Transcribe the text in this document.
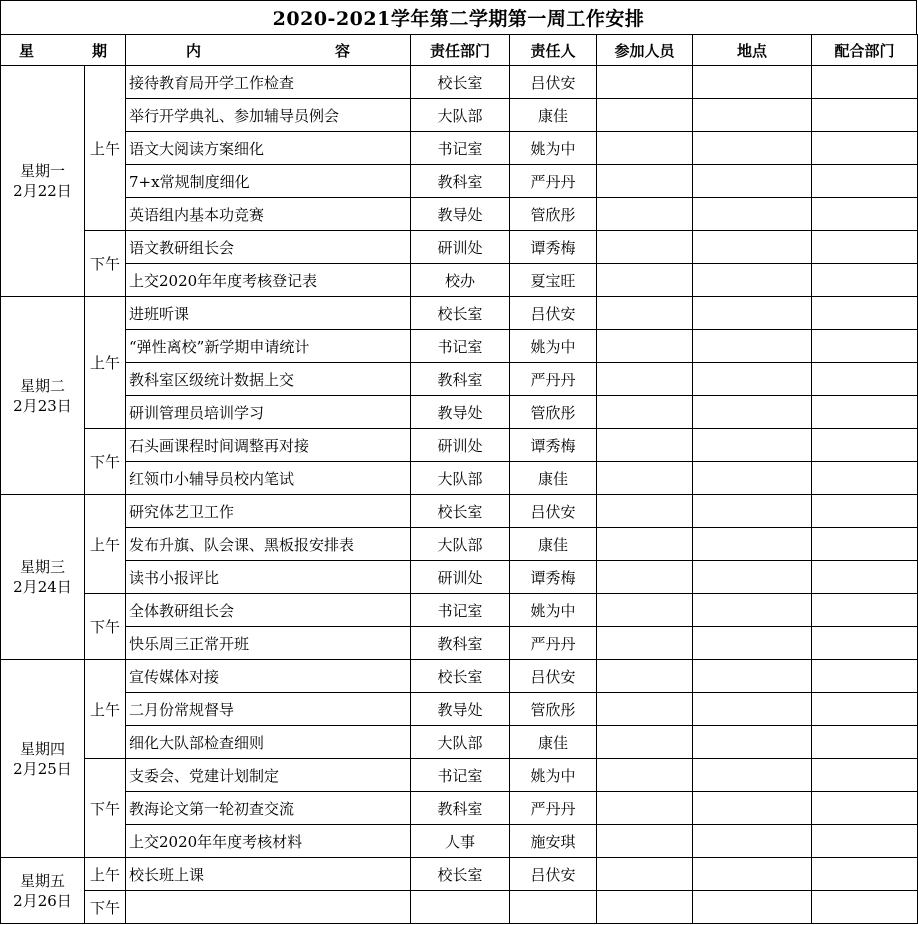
2020-2021学年第二学期第一周工作安排
星 期		内 容	责任部门	责任人	参加人员	地点	配合部门

星期一
2月22日	上午	接待教育局开学工作检查	校长室	吕伏安			
		举行开学典礼、参加辅导员例会	大队部	康佳			
		语文大阅读方案细化	书记室	姚为中			
		7+x常规制度细化	教科室	严丹丹			
		英语组内基本功竞赛	教导处	管欣彤			
	下午	语文教研组长会	研训处	谭秀梅			
		上交2020年年度考核登记表	校办	夏宝旺			

星期二
2月23日	上午	进班听课	校长室	吕伏安			
		“弹性离校”新学期申请统计	书记室	姚为中			
		教科室区级统计数据上交	教科室	严丹丹			
		研训管理员培训学习	教导处	管欣彤			
	下午	石头画课程时间调整再对接	研训处	谭秀梅			
		红领巾小辅导员校内笔试	大队部	康佳			

星期三
2月24日	上午	研究体艺卫工作	校长室	吕伏安			
		发布升旗、队会课、黑板报安排表	大队部	康佳			
		读书小报评比	研训处	谭秀梅			
	下午	全体教研组长会	书记室	姚为中			
		快乐周三正常开班	教科室	严丹丹			

星期四
2月25日	上午	宣传媒体对接	校长室	吕伏安			
		二月份常规督导	教导处	管欣彤			
		细化大队部检查细则	大队部	康佳			
	下午	支委会、党建计划制定	书记室	姚为中			
		教海论文第一轮初查交流	教科室	严丹丹			
		上交2020年年度考核材料	人事	施安琪			

星期五
2月26日	上午	校长班上课	校长室	吕伏安			
	下午						
